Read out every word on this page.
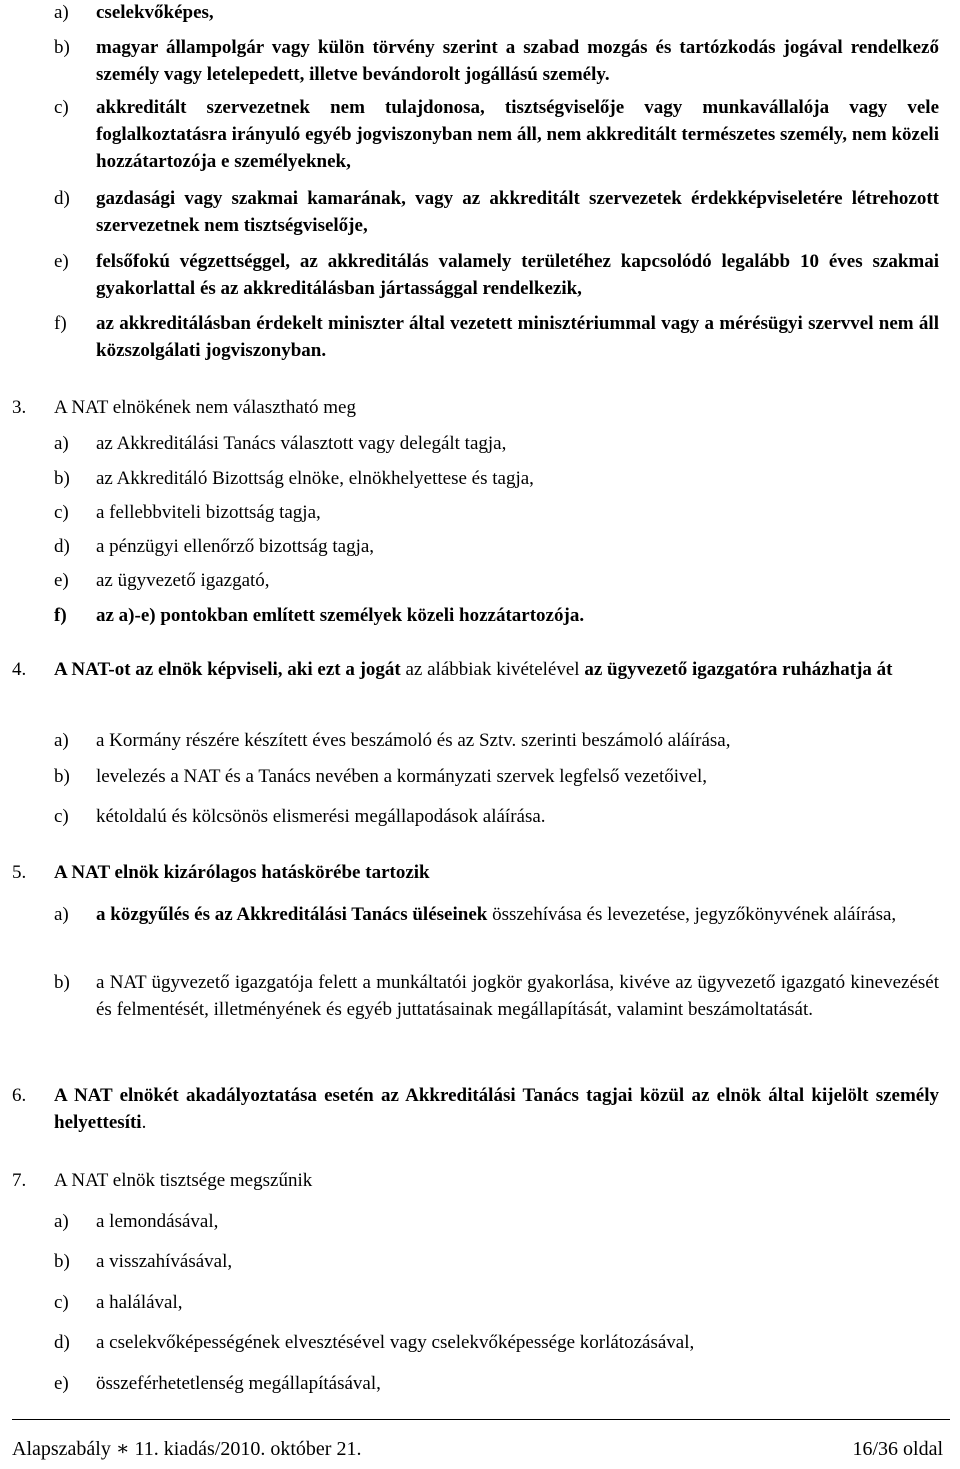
a) cselekvőképes,
b) magyar állampolgár vagy külön törvény szerint a szabad mozgás és tartózkodás jogával rendelkező személy vagy letelepedett, illetve bevándorolt jogállású személy.
c) akkreditált szervezetnek nem tulajdonosa, tisztségviselője vagy munkavállalója vagy vele foglalkoztatásra irányuló egyéb jogviszonyban nem áll, nem akkreditált természetes személy, nem közeli hozzátartozója e személyeknek,
d) gazdasági vagy szakmai kamarának, vagy az akkreditált szervezetek érdekképviseletére létrehozott szervezetnek nem tisztségviselője,
e) felsőfokú végzettséggel, az akkreditálás valamely területéhez kapcsolódó legalább 10 éves szakmai gyakorlattal és az akkreditálásban jártassággal rendelkezik,
f) az akkreditálásban érdekelt miniszter által vezetett minisztériummal vagy a mérésügyi szervvel nem áll közszolgálati jogviszonyban.
3. A NAT elnökének nem választható meg
a) az Akkreditálási Tanács választott vagy delegált tagja,
b) az Akkreditáló Bizottság elnöke, elnökhelyettese és tagja,
c) a fellebbviteli bizottság tagja,
d) a pénzügyi ellenőrző bizottság tagja,
e) az ügyvezető igazgató,
f) az a)-e) pontokban említett személyek közeli hozzátartozója.
4. A NAT-ot az elnök képviseli, aki ezt a jogát az alábbiak kivételével az ügyvezető igazgatóra ruházhatja át
a) a Kormány részére készített éves beszámoló és az Sztv. szerinti beszámoló aláírása,
b) levelezés a NAT és a Tanács nevében a kormányzati szervek legfelső vezetőivel,
c) kétoldalú és kölcsönös elismerési megállapodások aláírása.
5. A NAT elnök kizárólagos hatáskörébe tartozik
a) a közgyűlés és az Akkreditálási Tanács üléseinek összehívása és levezetése, jegyzőkönyvének aláírása,
b) a NAT ügyvezető igazgatója felett a munkáltatói jogkör gyakorlása, kivéve az ügyvezető igazgató kinevezését és felmentését, illetményének és egyéb juttatásainak megállapítását, valamint beszámoltatását.
6. A NAT elnökét akadályoztatása esetén az Akkreditálási Tanács tagjai közül az elnök által kijelölt személy helyettesíti.
7. A NAT elnök tisztsége megszűnik
a) a lemondásával,
b) a visszahívásával,
c) a halálával,
d) a cselekvőképességének elvesztésével vagy cselekvőképessége korlátozásával,
e) összeférhetetlenség megállapításával,
Alapszabály ∗ 11. kiadás/2010. október 21.	16/36 oldal
